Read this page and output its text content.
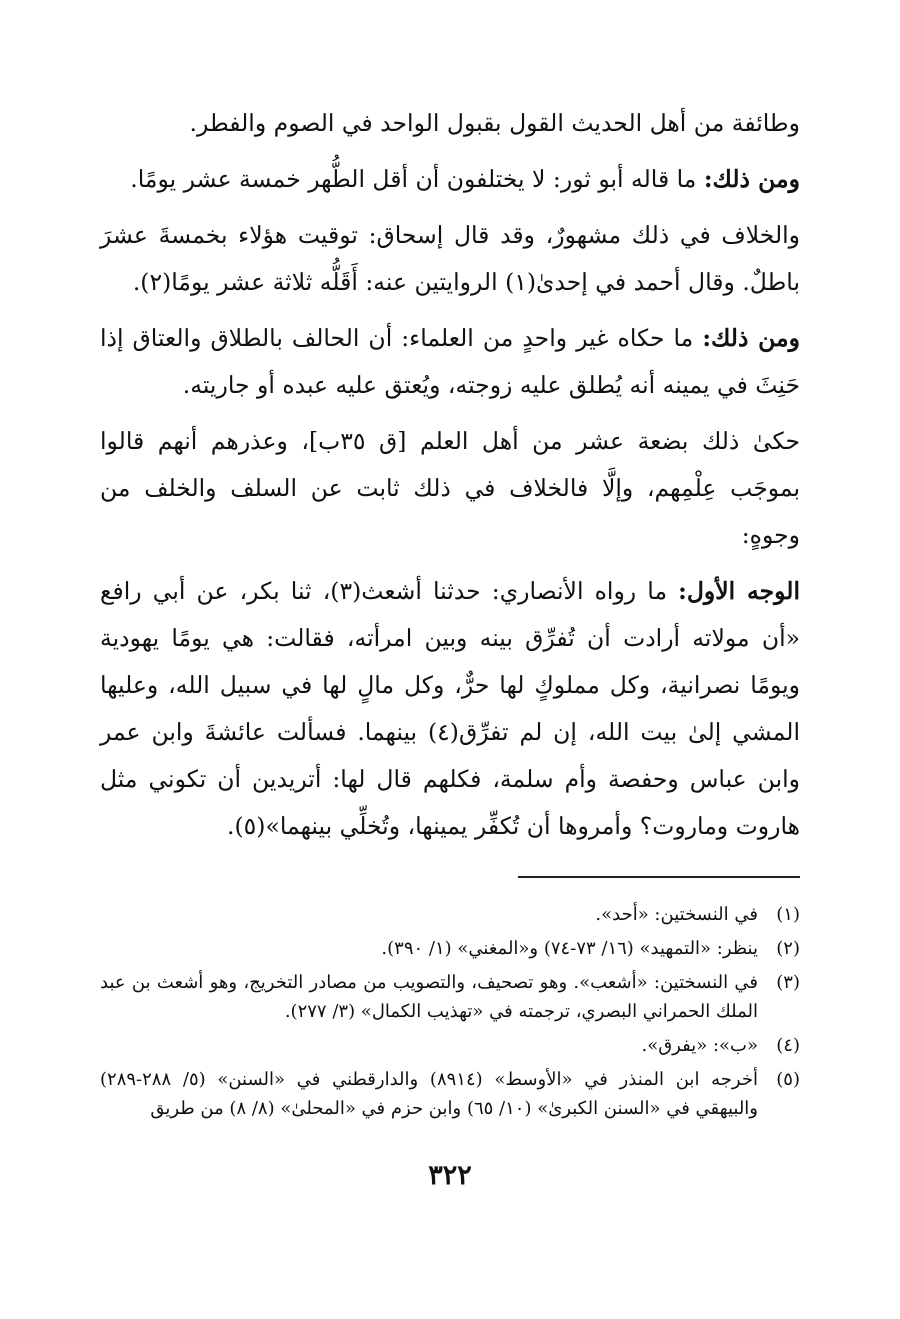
وطائفة من أهل الحديث القول بقبول الواحد في الصوم والفطر.

ومن ذلك: ما قاله أبو ثور: لا يختلفون أن أقل الطُّهر خمسة عشر يومًا.

والخلاف في ذلك مشهورٌ، وقد قال إسحاق: توقيت هؤلاء بخمسةَ عشرَ باطلٌ. وقال أحمد في إحدىٰ(١) الروايتين عنه: أَقَلُّه ثلاثة عشر يومًا(٢).

ومن ذلك: ما حكاه غير واحدٍ من العلماء: أن الحالف بالطلاق والعتاق إذا حَنِثَ في يمينه أنه يُطلق عليه زوجته، ويُعتق عليه عبده أو جاريته.

حكىٰ ذلك بضعة عشر من أهل العلم [ق ٣٥ب]، وعذرهم أنهم قالوا بموجَب عِلْمِهم، وإلَّا فالخلاف في ذلك ثابت عن السلف والخلف من وجوهٍ:

الوجه الأول: ما رواه الأنصاري: حدثنا أشعث(٣)، ثنا بكر، عن أبي رافع «أن مولاته أرادت أن تُفرِّق بينه وبين امرأته، فقالت: هي يومًا يهودية ويومًا نصرانية، وكل مملوكٍ لها حرٌّ، وكل مالٍ لها في سبيل الله، وعليها المشي إلىٰ بيت الله، إن لم تفرِّق(٤) بينهما. فسألت عائشةَ وابن عمر وابن عباس وحفصة وأم سلمة، فكلهم قال لها: أتريدين أن تكوني مثل هاروت وماروت؟ وأمروها أن تُكفِّر يمينها، وتُخلِّي بينهما»(٥).

(١)
في النسختين: «أحد».
(٢)
ينظر: «التمهيد» (١٦/ ٧٣-٧٤) و«المغني» (١/ ٣٩٠).
(٣)
في النسختين: «أشعب». وهو تصحيف، والتصويب من مصادر التخريج، وهو أشعث بن عبد الملك الحمراني البصري، ترجمته في «تهذيب الكمال» (٣/ ٢٧٧).
(٤)
«ب»: «يفرق».
(٥)
أخرجه ابن المنذر في «الأوسط» (٨٩١٤) والدارقطني في «السنن» (٥/ ٢٨٨-٢٨٩) والبيهقي في «السنن الكبرىٰ» (١٠/ ٦٥) وابن حزم في «المحلىٰ» (٨/ ٨) من طريق
٣٢٢
